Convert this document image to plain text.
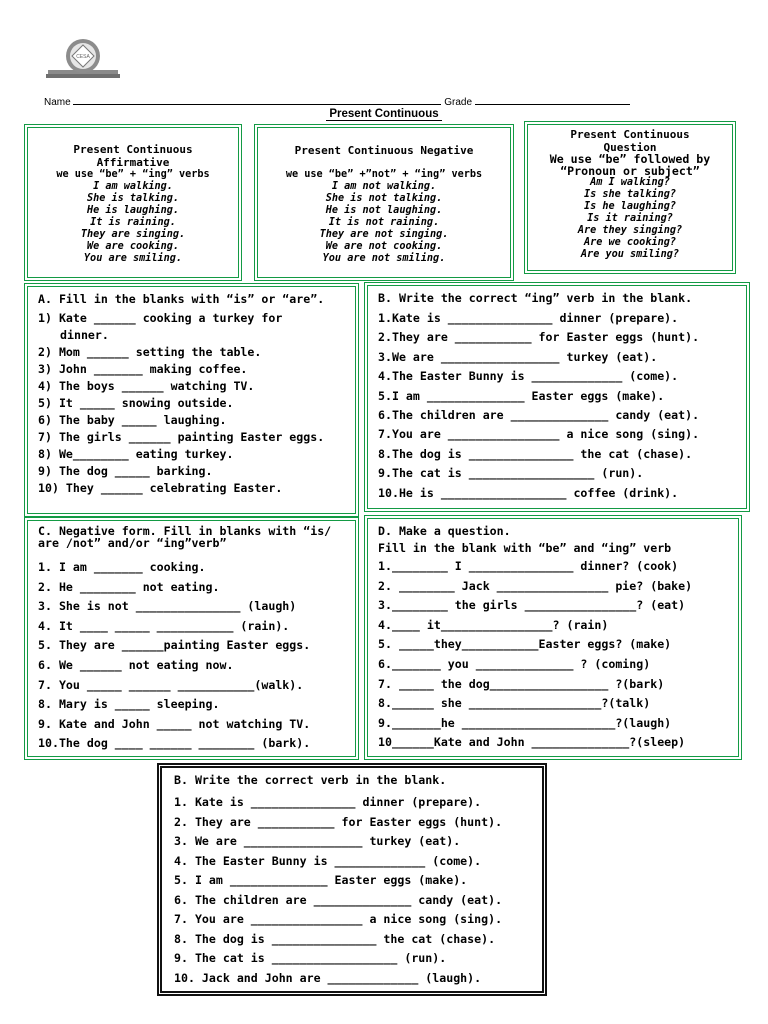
CESA
Name	Grade
Present Continuous
Present Continuous
Affirmative
we use “be” + “ing” verbs
I am walking.
She is talking.
He is laughing.
It is raining.
They are singing.
We are cooking.
You are smiling.
Present Continuous Negative
we use “be” +”not” + “ing” verbs
I am not walking.
She is not talking.
He is not laughing.
It is not raining.
They are not singing.
We are not cooking.
You are not smiling.
Present Continuous
Question
We use “be” followed by “Pronoun or subject”
Am I walking?
Is she talking?
Is he laughing?
Is it raining?
Are they singing?
Are we cooking?
Are you smiling?
A. Fill in the blanks with “is” or “are”.
1) Kate ______ cooking a turkey for dinner.
2) Mom ______ setting the table.
3) John _______ making coffee.
4) The boys ______ watching TV.
5) It _____ snowing outside.
6) The baby _____ laughing.
7) The girls ______ painting Easter eggs.
8) We________ eating turkey.
9) The dog _____ barking.
10) They ______ celebrating Easter.
B. Write the correct “ing” verb in the blank.
1.Kate is _______________ dinner (prepare).
2.They are ___________ for Easter eggs (hunt).
3.We are _________________ turkey (eat).
4.The Easter Bunny is _____________ (come).
5.I am ______________ Easter eggs (make).
6.The children are ______________ candy (eat).
7.You are ________________ a nice song (sing).
8.The dog is _______________ the cat (chase).
9.The cat is __________________ (run).
10.He is __________________ coffee (drink).
C. Negative form. Fill in blanks with “is/ are /not” and/or “ing”verb”
1. I am _______ cooking.
2. He ________ not eating.
3. She is not _______________ (laugh)
4. It ____ _____ ___________ (rain).
5. They are ______painting Easter eggs.
6. We ______ not eating now.
7. You _____ ______ ___________(walk).
8. Mary is _____ sleeping.
9. Kate and John _____ not watching TV.
10.The dog ____ ______ ________ (bark).
D. Make a question.
Fill in the blank with “be” and “ing” verb
1.________ I _______________ dinner? (cook)
2. ________ Jack ________________ pie? (bake)
3.________ the girls ________________? (eat)
4.____ it________________? (rain)
5. _____they___________Easter eggs? (make)
6._______ you ______________ ? (coming)
7. _____ the dog_________________ ?(bark)
8.______ she ___________________?(talk)
9._______he ______________________?(laugh)
10______Kate and John ______________?(sleep)
B. Write the correct verb in the blank.
1. Kate is _______________ dinner (prepare).
2. They are ___________ for Easter eggs (hunt).
3. We are _________________ turkey (eat).
4. The Easter Bunny is _____________ (come).
5. I am ______________ Easter eggs (make).
6. The children are ______________ candy (eat).
7. You are ________________ a nice song (sing).
8. The dog is _______________ the cat (chase).
9. The cat is __________________ (run).
10. Jack and John are _____________ (laugh).
